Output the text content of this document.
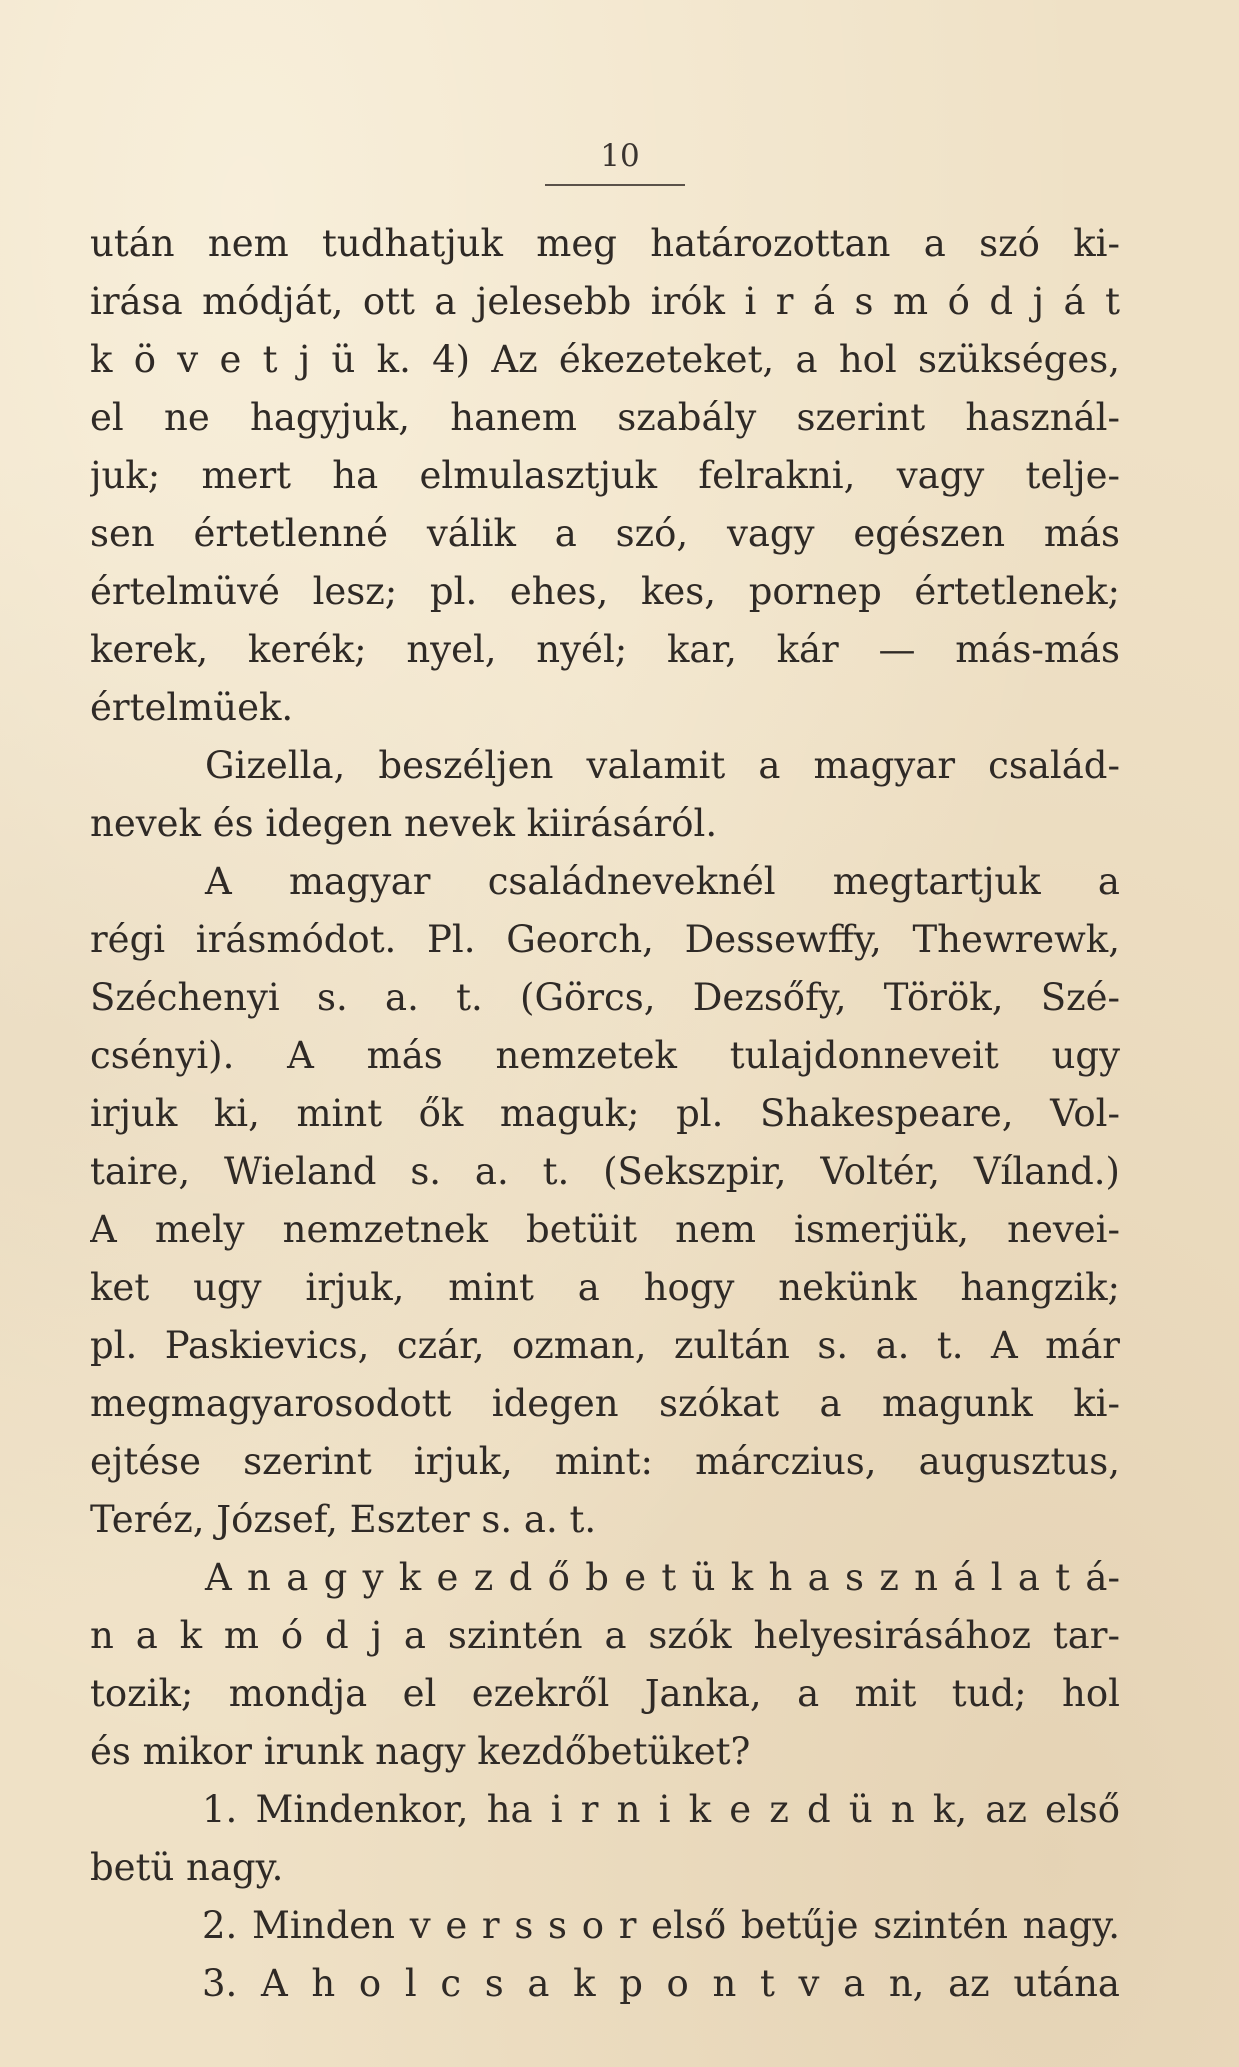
10
után nem tudhatjuk meg határozottan a szó ki-
irása módját, ott a jelesebb irók i r á s m ó d j á t
k ö v e t j ü k. 4) Az ékezeteket, a hol szükséges,
el ne hagyjuk, hanem szabály szerint használ-
juk; mert ha elmulasztjuk felrakni, vagy telje-
sen értetlenné válik a szó, vagy egészen más
értelmüvé lesz; pl. ehes, kes, pornep értetlenek;
kerek, kerék; nyel, nyél; kar, kár — más-más
értelmüek.
Gizella, beszéljen valamit a magyar család-
nevek és idegen nevek kiirásáról.
A magyar családneveknél megtartjuk a
régi irásmódot. Pl. Georch, Dessewffy, Thewrewk,
Széchenyi s. a. t. (Görcs, Dezsőfy, Török, Szé-
csényi). A más nemzetek tulajdonneveit ugy
irjuk ki, mint ők maguk; pl. Shakespeare, Vol-
taire, Wieland s. a. t. (Sekszpir, Voltér, Víland.)
A mely nemzetnek betüit nem ismerjük, nevei-
ket ugy irjuk, mint a hogy nekünk hangzik;
pl. Paskievics, czár, ozman, zultán s. a. t. A már
megmagyarosodott idegen szókat a magunk ki-
ejtése szerint irjuk, mint: márczius, augusztus,
Teréz, József, Eszter s. a. t.
A n a g y k e z d ő b e t ü k h a s z n á l a t á-
n a k m ó d j a szintén a szók helyesirásához tar-
tozik; mondja el ezekről Janka, a mit tud; hol
és mikor irunk nagy kezdőbetüket?
1. Mindenkor, ha i r n i k e z d ü n k, az első
betü nagy.
2. Minden v e r s s o r első betűje szintén nagy.
3. A h o l c s a k p o n t v a n, az utána
